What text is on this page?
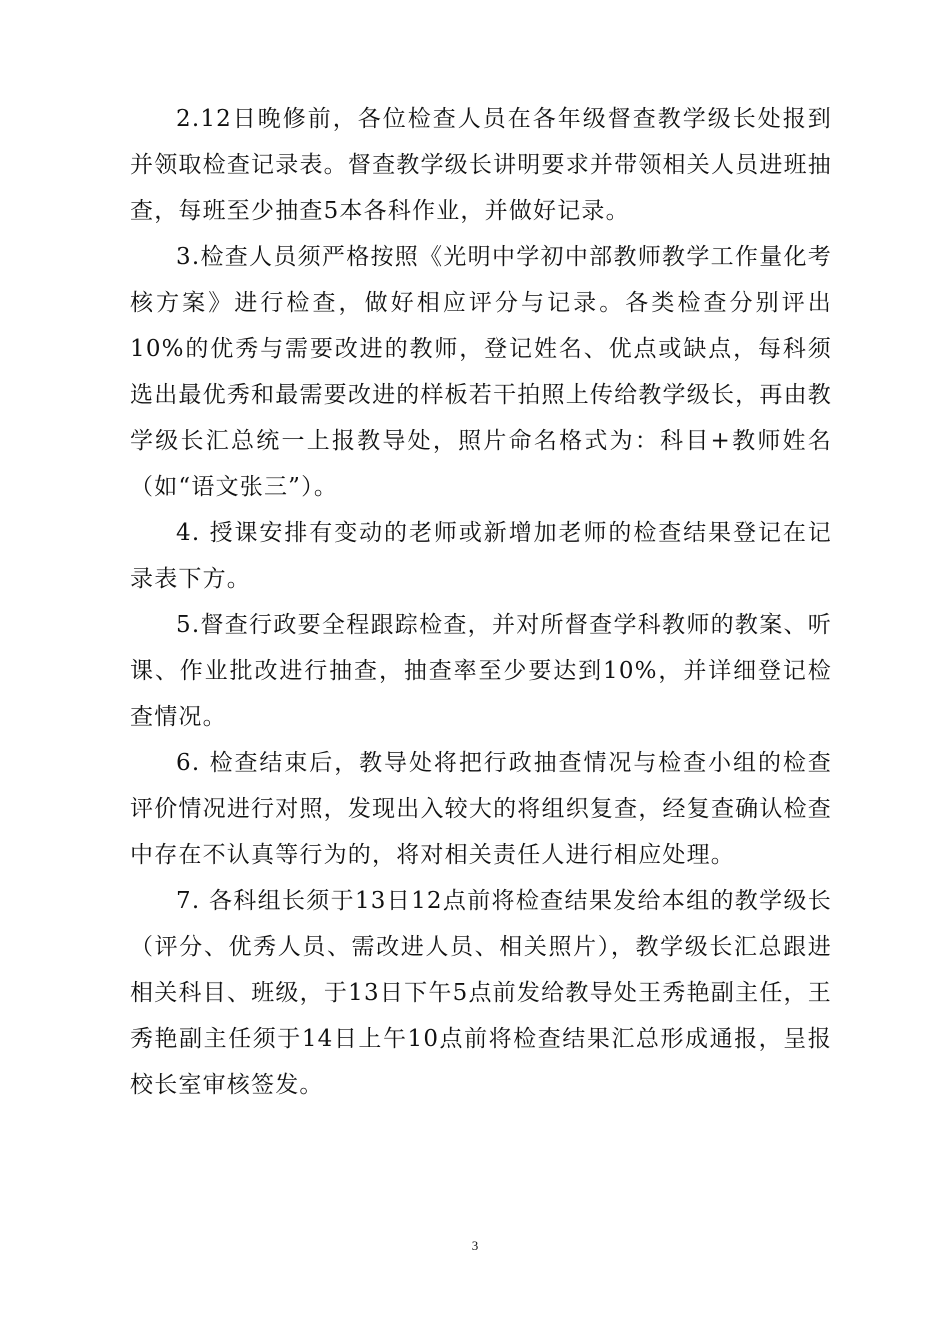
2.12日晚修前，各位检查人员在各年级督查教学级长处报到并领取检查记录表。督查教学级长讲明要求并带领相关人员进班抽查，每班至少抽查5本各科作业，并做好记录。

3.检查人员须严格按照《光明中学初中部教师教学工作量化考核方案》进行检查，做好相应评分与记录。各类检查分别评出10%的优秀与需要改进的教师，登记姓名、优点或缺点，每科须选出最优秀和最需要改进的样板若干拍照上传给教学级长，再由教学级长汇总统一上报教导处，照片命名格式为：科目+教师姓名（如“语文张三”）。

4. 授课安排有变动的老师或新增加老师的检查结果登记在记录表下方。

5.督查行政要全程跟踪检查，并对所督查学科教师的教案、听课、作业批改进行抽查，抽查率至少要达到10%，并详细登记检查情况。

6. 检查结束后，教导处将把行政抽查情况与检查小组的检查评价情况进行对照，发现出入较大的将组织复查，经复查确认检查中存在不认真等行为的，将对相关责任人进行相应处理。

7. 各科组长须于13日12点前将检查结果发给本组的教学级长（评分、优秀人员、需改进人员、相关照片），教学级长汇总跟进相关科目、班级，于13日下午5点前发给教导处王秀艳副主任，王秀艳副主任须于14日上午10点前将检查结果汇总形成通报，呈报校长室审核签发。

3
